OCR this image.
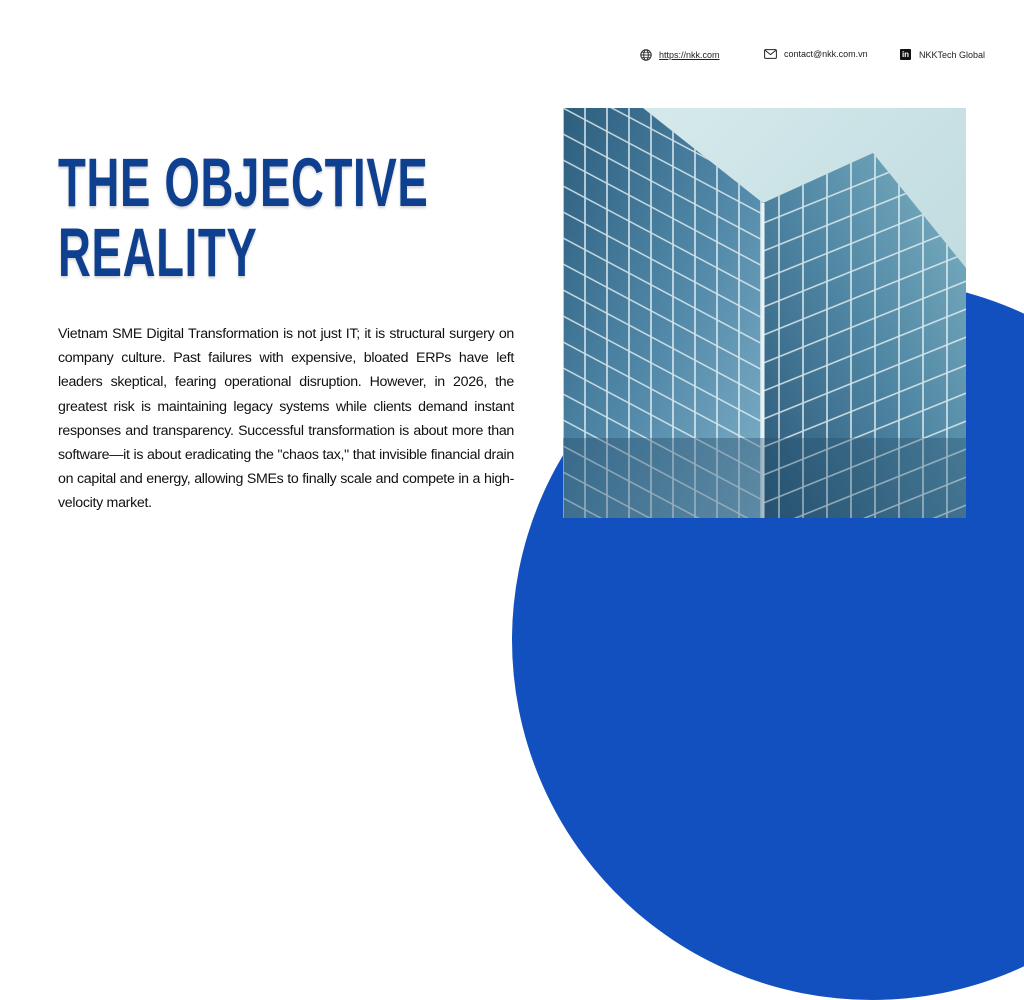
https://nkk.com	contact@nkk.com.vn	in NKKTech Global
THE OBJECTIVE
REALITY

Vietnam SME Digital Transformation is not just IT; it is structural surgery on company culture. Past failures with expensive, bloated ERPs have left leaders skeptical, fearing operational disruption. However, in 2026, the greatest risk is maintaining legacy systems while clients demand instant responses and transparency. Successful transformation is about more than software—it is about eradicating the "chaos tax," that invisible financial drain on capital and energy, allowing SMEs to finally scale and compete in a high-velocity market.
